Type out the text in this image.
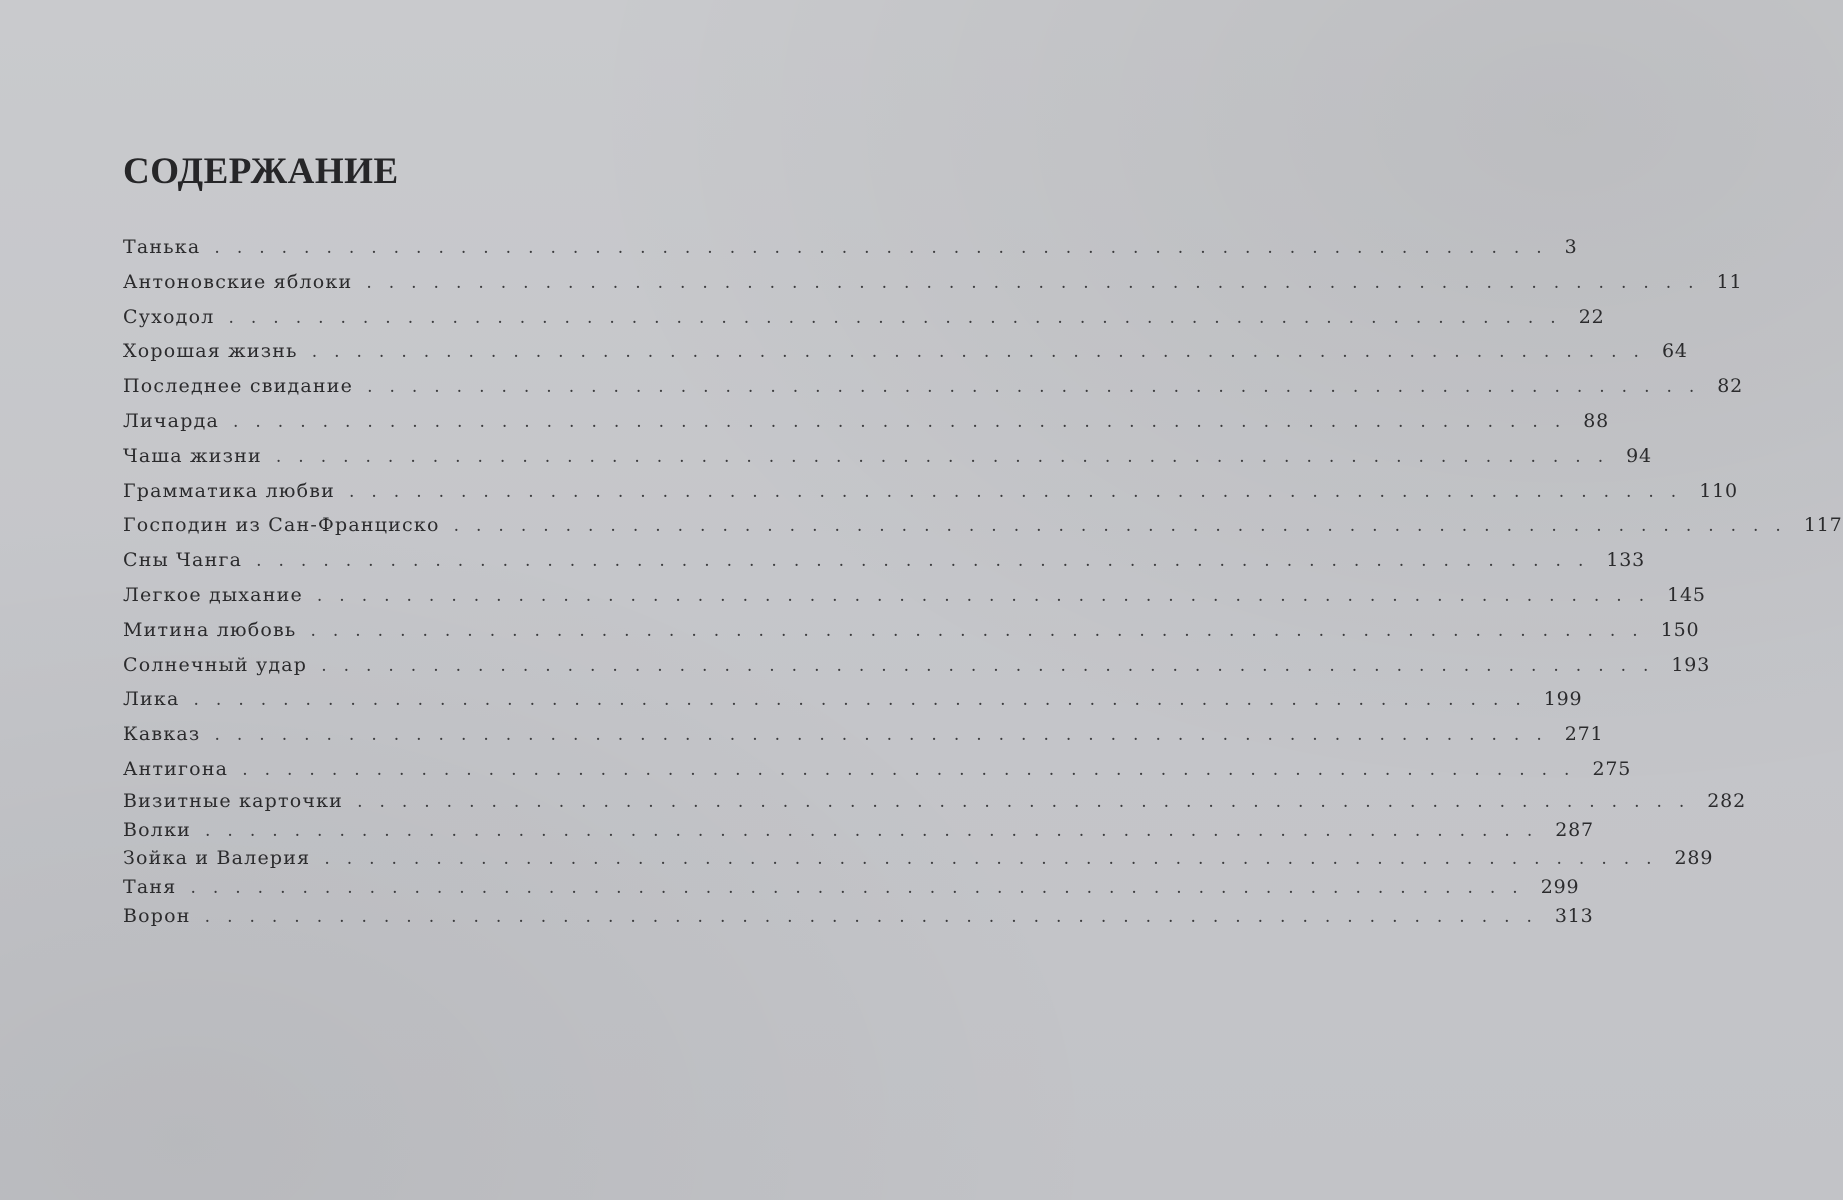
СОДЕРЖАНИЕ
Танька ............................................................ 3
Антоновские яблоки ............................................................ 11
Суходол ............................................................ 22
Хорошая жизнь ............................................................ 64
Последнее свидание ............................................................ 82
Личарда ............................................................ 88
Чаша жизни ............................................................ 94
Грамматика любви ............................................................ 110
Господин из Сан-Франциско ............................................................ 117
Сны Чанга ............................................................ 133
Легкое дыхание ............................................................ 145
Митина любовь ............................................................ 150
Солнечный удар ............................................................ 193
Лика ............................................................ 199
Кавказ ............................................................ 271
Антигона ............................................................ 275
Визитные карточки ............................................................ 282
Волки ............................................................ 287
Зойка и Валерия ............................................................ 289
Таня ............................................................ 299
Ворон ............................................................ 313
